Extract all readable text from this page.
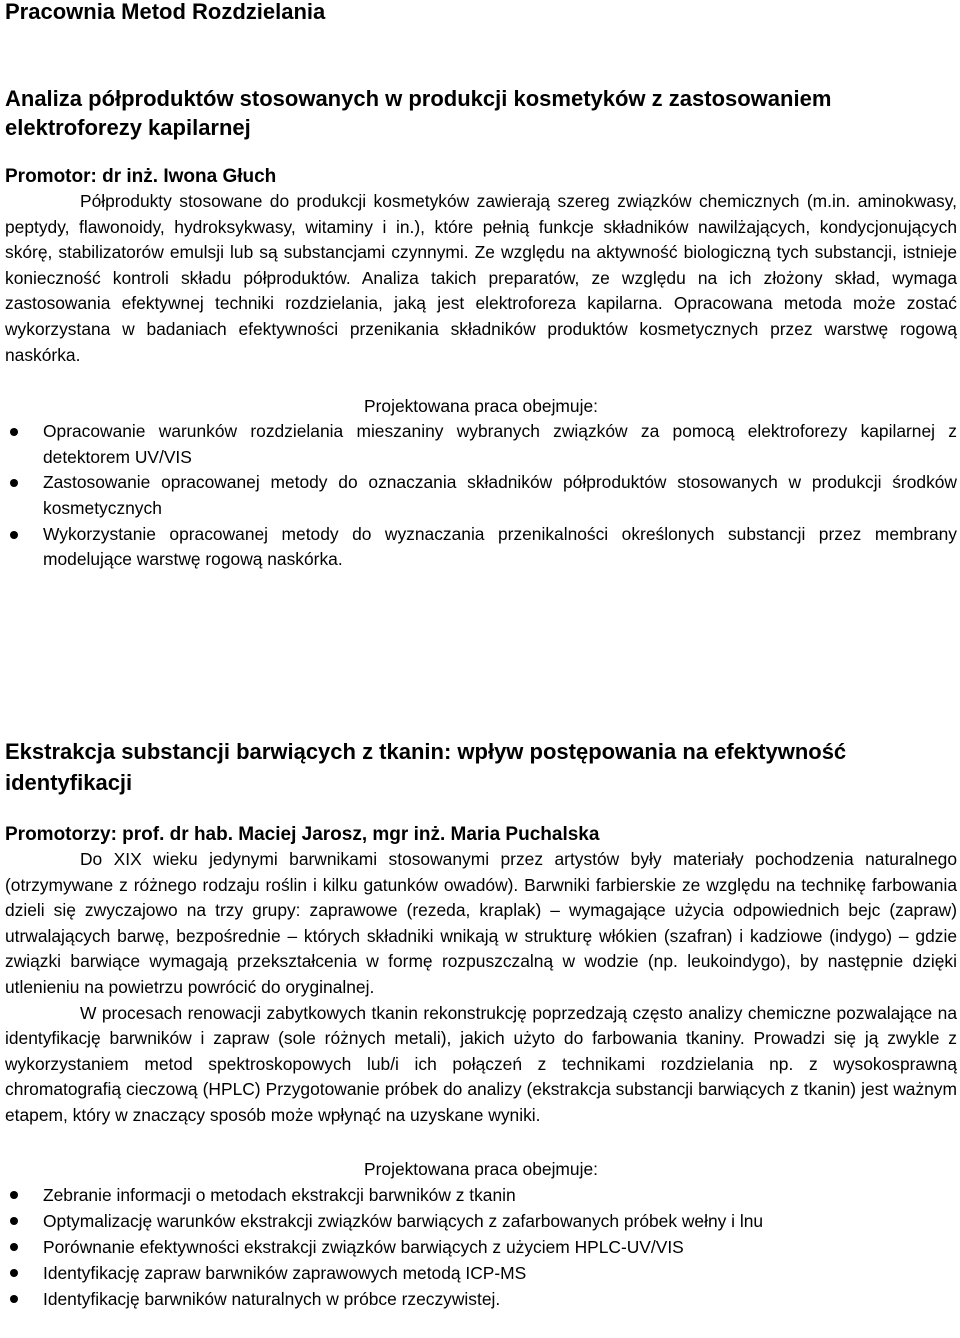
Pracownia Metod Rozdzielania
Analiza półproduktów stosowanych w produkcji kosmetyków z zastosowaniem elektroforezy kapilarnej

Promotor: dr inż. Iwona Głuch

Półprodukty stosowane do produkcji kosmetyków zawierają szereg związków chemicznych (m.in. aminokwasy, peptydy, flawonoidy, hydroksykwasy, witaminy i in.), które pełnią funkcje składników nawilżających, kondycjonujących skórę, stabilizatorów emulsji lub są substancjami czynnymi. Ze względu na aktywność biologiczną tych substancji, istnieje konieczność kontroli składu półproduktów. Analiza takich preparatów, ze względu na ich złożony skład, wymaga zastosowania efektywnej techniki rozdzielania, jaką jest elektroforeza kapilarna. Opracowana metoda może zostać wykorzystana w badaniach efektywności przenikania składników produktów kosmetycznych przez warstwę rogową naskórka.

Projektowana praca obejmuje:

Opracowanie warunków rozdzielania mieszaniny wybranych związków za pomocą elektroforezy kapilarnej z detektorem UV/VIS
Zastosowanie opracowanej metody do oznaczania składników półproduktów stosowanych w produkcji środków kosmetycznych
Wykorzystanie opracowanej metody do wyznaczania przenikalności określonych substancji przez membrany modelujące warstwę rogową naskórka.
Ekstrakcja substancji barwiących z tkanin: wpływ postępowania na efektywność identyfikacji

Promotorzy: prof. dr hab. Maciej Jarosz, mgr inż. Maria Puchalska

Do XIX wieku jedynymi barwnikami stosowanymi przez artystów były materiały pochodzenia naturalnego (otrzymywane z różnego rodzaju roślin i kilku gatunków owadów). Barwniki farbierskie ze względu na technikę farbowania dzieli się zwyczajowo na trzy grupy: zaprawowe (rezeda, kraplak) – wymagające użycia odpowiednich bejc (zapraw) utrwalających barwę, bezpośrednie – których składniki wnikają w strukturę włókien (szafran) i kadziowe (indygo) – gdzie związki barwiące wymagają przekształcenia w formę rozpuszczalną w wodzie (np. leukoindygo), by następnie dzięki utlenieniu na powietrzu powrócić do oryginalnej.

W procesach renowacji zabytkowych tkanin rekonstrukcję poprzedzają często analizy chemiczne pozwalające na identyfikację barwników i zapraw (sole różnych metali), jakich użyto do farbowania tkaniny. Prowadzi się ją zwykle z wykorzystaniem metod spektroskopowych lub/i ich połączeń z technikami rozdzielania np. z wysokosprawną chromatografią cieczową (HPLC) Przygotowanie próbek do analizy (ekstrakcja substancji barwiących z tkanin) jest ważnym etapem, który w znaczący sposób może wpłynąć na uzyskane wyniki.

Projektowana praca obejmuje:

Zebranie informacji o metodach ekstrakcji barwników z tkanin
Optymalizację warunków ekstrakcji związków barwiących z zafarbowanych próbek wełny i lnu
Porównanie efektywności ekstrakcji związków barwiących z użyciem HPLC-UV/VIS
Identyfikację zapraw barwników zaprawowych metodą ICP-MS
Identyfikację barwników naturalnych w próbce rzeczywistej.
